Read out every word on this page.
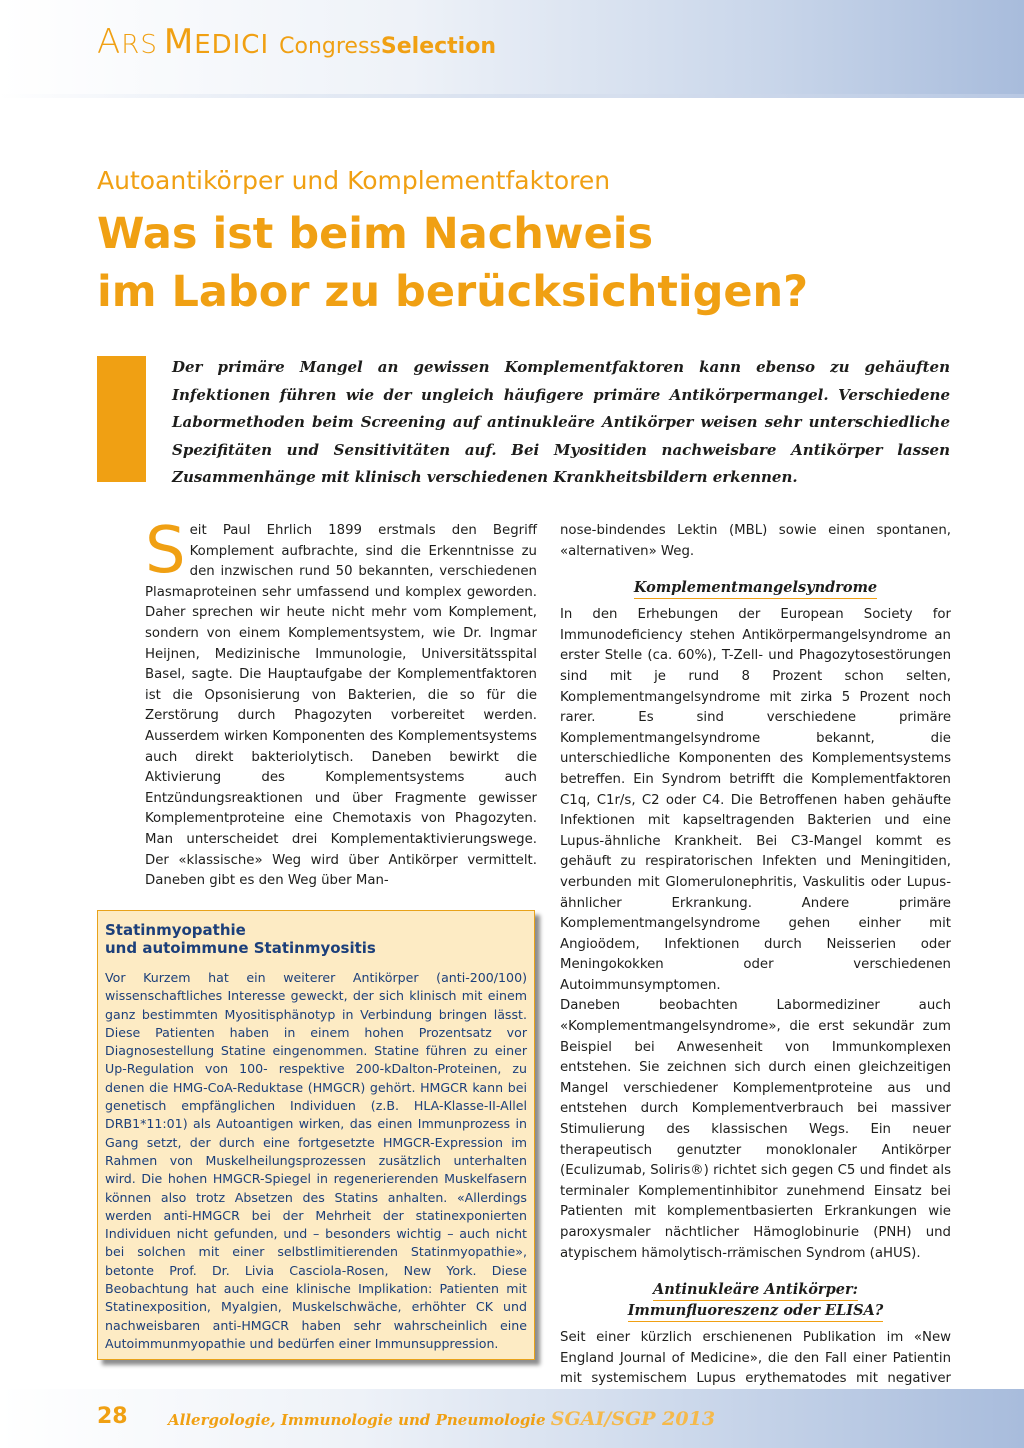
ARS MEDICI Congress Selection
Autoantikörper und Komplementfaktoren
Was ist beim Nachweis
im Labor zu berücksichtigen?
Der primäre Mangel an gewissen Komplementfaktoren kann ebenso zu gehäuften Infektionen führen wie der ungleich häufigere primäre Antikörpermangel. Verschiedene Labormethoden beim Screening auf antinukleäre Antikörper weisen sehr unterschiedliche Spezifitäten und Sensitivitäten auf. Bei Myositiden nachweisbare Antikörper lassen Zusammenhänge mit klinisch verschiedenen Krankheitsbildern erkennen.
S eit Paul Ehrlich 1899 erstmals den Begriff Komplement aufbrachte, sind die Erkenntnisse zu den inzwischen rund 50 bekannten, verschiedenen Plasmaproteinen sehr umfassend und komplex geworden. Daher sprechen wir heute nicht mehr vom Komplement, sondern von einem Komplementsystem, wie Dr. Ingmar Heijnen, Medizinische Immunologie, Universitätsspital Basel, sagte. Die Hauptaufgabe der Komplementfaktoren ist die Opsonisierung von Bakterien, die so für die Zerstörung durch Phagozyten vorbereitet werden. Ausserdem wirken Komponenten des Komplementsystems auch direkt bakteriolytisch. Daneben bewirkt die Aktivierung des Komplementsystems auch Entzündungsreaktionen und über Fragmente gewisser Komplementproteine eine Chemotaxis von Phagozyten. Man unterscheidet drei Komplementaktivierungswege. Der «klassische» Weg wird über Antikörper vermittelt. Daneben gibt es den Weg über Man-

nose-bindendes Lektin (MBL) sowie einen spontanen, «alternativen» Weg.

Komplementmangelsyndrome

In den Erhebungen der European Society for Immunodeficiency stehen Antikörpermangelsyndrome an erster Stelle (ca. 60%), T-Zell- und Phagozytosestörungen sind mit je rund 8 Prozent schon selten, Komplementmangelsyndrome mit zirka 5 Prozent noch rarer. Es sind verschiedene primäre Komplementmangelsyndrome bekannt, die unterschiedliche Komponenten des Komplementsystems betreffen. Ein Syndrom betrifft die Komplementfaktoren C1q, C1r/s, C2 oder C4. Die Betroffenen haben gehäufte Infektionen mit kapseltragenden Bakterien und eine Lupus-ähnliche Krankheit. Bei C3-Mangel kommt es gehäuft zu respiratorischen Infekten und Meningitiden, verbunden mit Glomerulonephritis, Vaskulitis oder Lupus-ähnlicher Erkrankung. Andere primäre Komplementmangelsyndrome gehen einher mit Angioödem, Infektionen durch Neisserien oder Meningokokken oder verschiedenen Autoimmunsymptomen.

Daneben beobachten Labormediziner auch «Komplementmangelsyndrome», die erst sekundär zum Beispiel bei Anwesenheit von Immunkomplexen entstehen. Sie zeichnen sich durch einen gleichzeitigen Mangel verschiedener Komplementproteine aus und entstehen durch Komplementverbrauch bei massiver Stimulierung des klassischen Wegs. Ein neuer therapeutisch genutzter monoklonaler Antikörper (Eculizumab, Soliris®) richtet sich gegen C5 und findet als terminaler Komplementinhibitor zunehmend Einsatz bei Patienten mit komplementbasierten Erkrankungen wie paroxysmaler nächtlicher Hämoglobinurie (PNH) und atypischem hämolytisch-rrämischen Syndrom (aHUS).

Antinukleäre Antikörper:
Immunfluoreszenz oder ELISA?

Seit einer kürzlich erschienenen Publikation im «New England Journal of Medicine», die den Fall einer Patientin mit systemischem Lupus erythematodes mit negativer

Statinmyopathie
und autoimmune Statinmyositis
Vor Kurzem hat ein weiterer Antikörper (anti-200/100) wissenschaftliches Interesse geweckt, der sich klinisch mit einem ganz bestimmten Myositisphänotyp in Verbindung bringen lässt. Diese Patienten haben in einem hohen Prozentsatz vor Diagnosestellung Statine eingenommen. Statine führen zu einer Up-Regulation von 100- respektive 200-kDalton-Proteinen, zu denen die HMG-CoA-Reduktase (HMGCR) gehört. HMGCR kann bei genetisch empfänglichen Individuen (z.B. HLA-Klasse-II-Allel DRB1*11:01) als Autoantigen wirken, das einen Immunprozess in Gang setzt, der durch eine fortgesetzte HMGCR-Expression im Rahmen von Muskelheilungsprozessen zusätzlich unterhalten wird. Die hohen HMGCR-Spiegel in regenerierenden Muskelfasern können also trotz Absetzen des Statins anhalten. «Allerdings werden anti-HMGCR bei der Mehrheit der statinexponierten Individuen nicht gefunden, und – besonders wichtig – auch nicht bei solchen mit einer selbstlimitierenden Statinmyopathie», betonte Prof. Dr. Livia Casciola-Rosen, New York. Diese Beobachtung hat auch eine klinische Implikation: Patienten mit Statinexposition, Myalgien, Muskelschwäche, erhöhter CK und nachweisbaren anti-HMGCR haben sehr wahrscheinlich eine Autoimmunmyopathie und bedürfen einer Immunsuppression.
28	Allergologie, Immunologie und Pneumologie SGAI/SGP 2013
